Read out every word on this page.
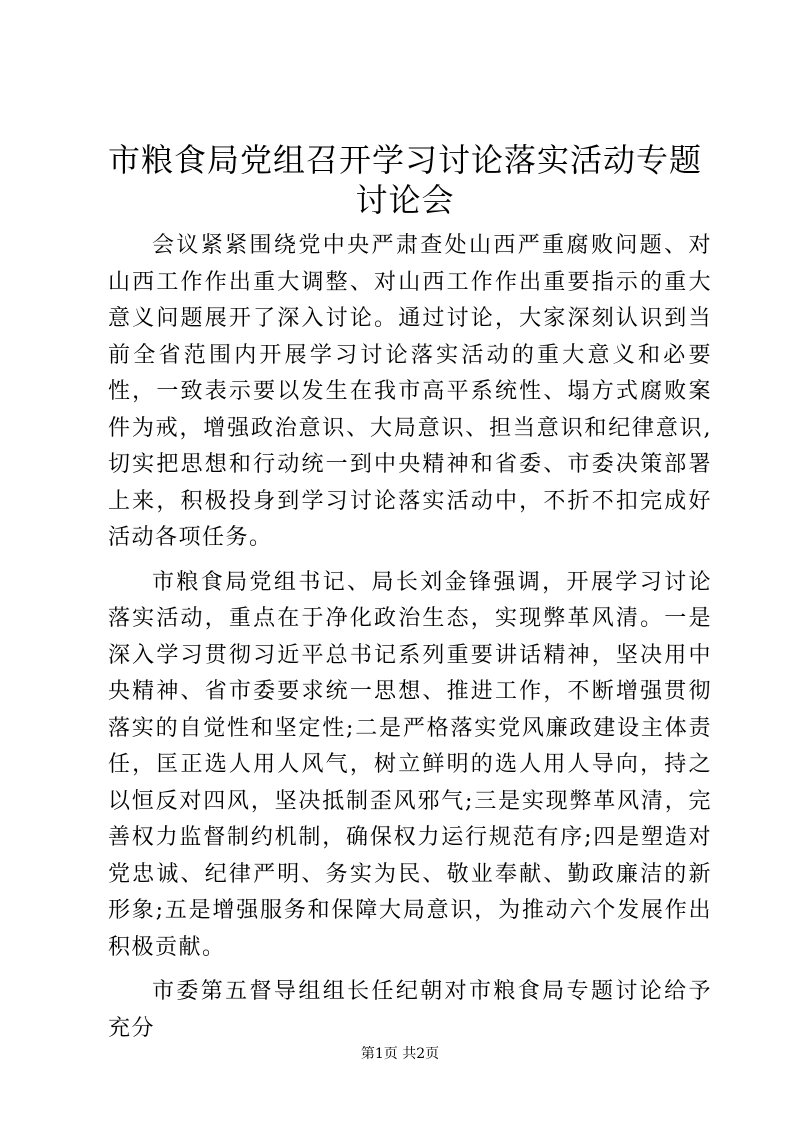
市粮食局党组召开学习讨论落实活动专题讨论会

会议紧紧围绕党中央严肃查处山西严重腐败问题、对山西工作作出重大调整、对山西工作作出重要指示的重大意义问题展开了深入讨论。通过讨论，大家深刻认识到当前全省范围内开展学习讨论落实活动的重大意义和必要性，一致表示要以发生在我市高平系统性、塌方式腐败案件为戒，增强政治意识、大局意识、担当意识和纪律意识,切实把思想和行动统一到中央精神和省委、市委决策部署上来，积极投身到学习讨论落实活动中，不折不扣完成好活动各项任务。

市粮食局党组书记、局长刘金锋强调，开展学习讨论落实活动，重点在于净化政治生态，实现弊革风清。一是深入学习贯彻习近平总书记系列重要讲话精神，坚决用中央精神、省市委要求统一思想、推进工作，不断增强贯彻落实的自觉性和坚定性;二是严格落实党风廉政建设主体责任，匡正选人用人风气，树立鲜明的选人用人导向，持之以恒反对四风，坚决抵制歪风邪气;三是实现弊革风清，完善权力监督制约机制，确保权力运行规范有序;四是塑造对党忠诚、纪律严明、务实为民、敬业奉献、勤政廉洁的新形象;五是增强服务和保障大局意识，为推动六个发展作出积极贡献。

市委第五督导组组长任纪朝对市粮食局专题讨论给予充分

第1页 共2页
